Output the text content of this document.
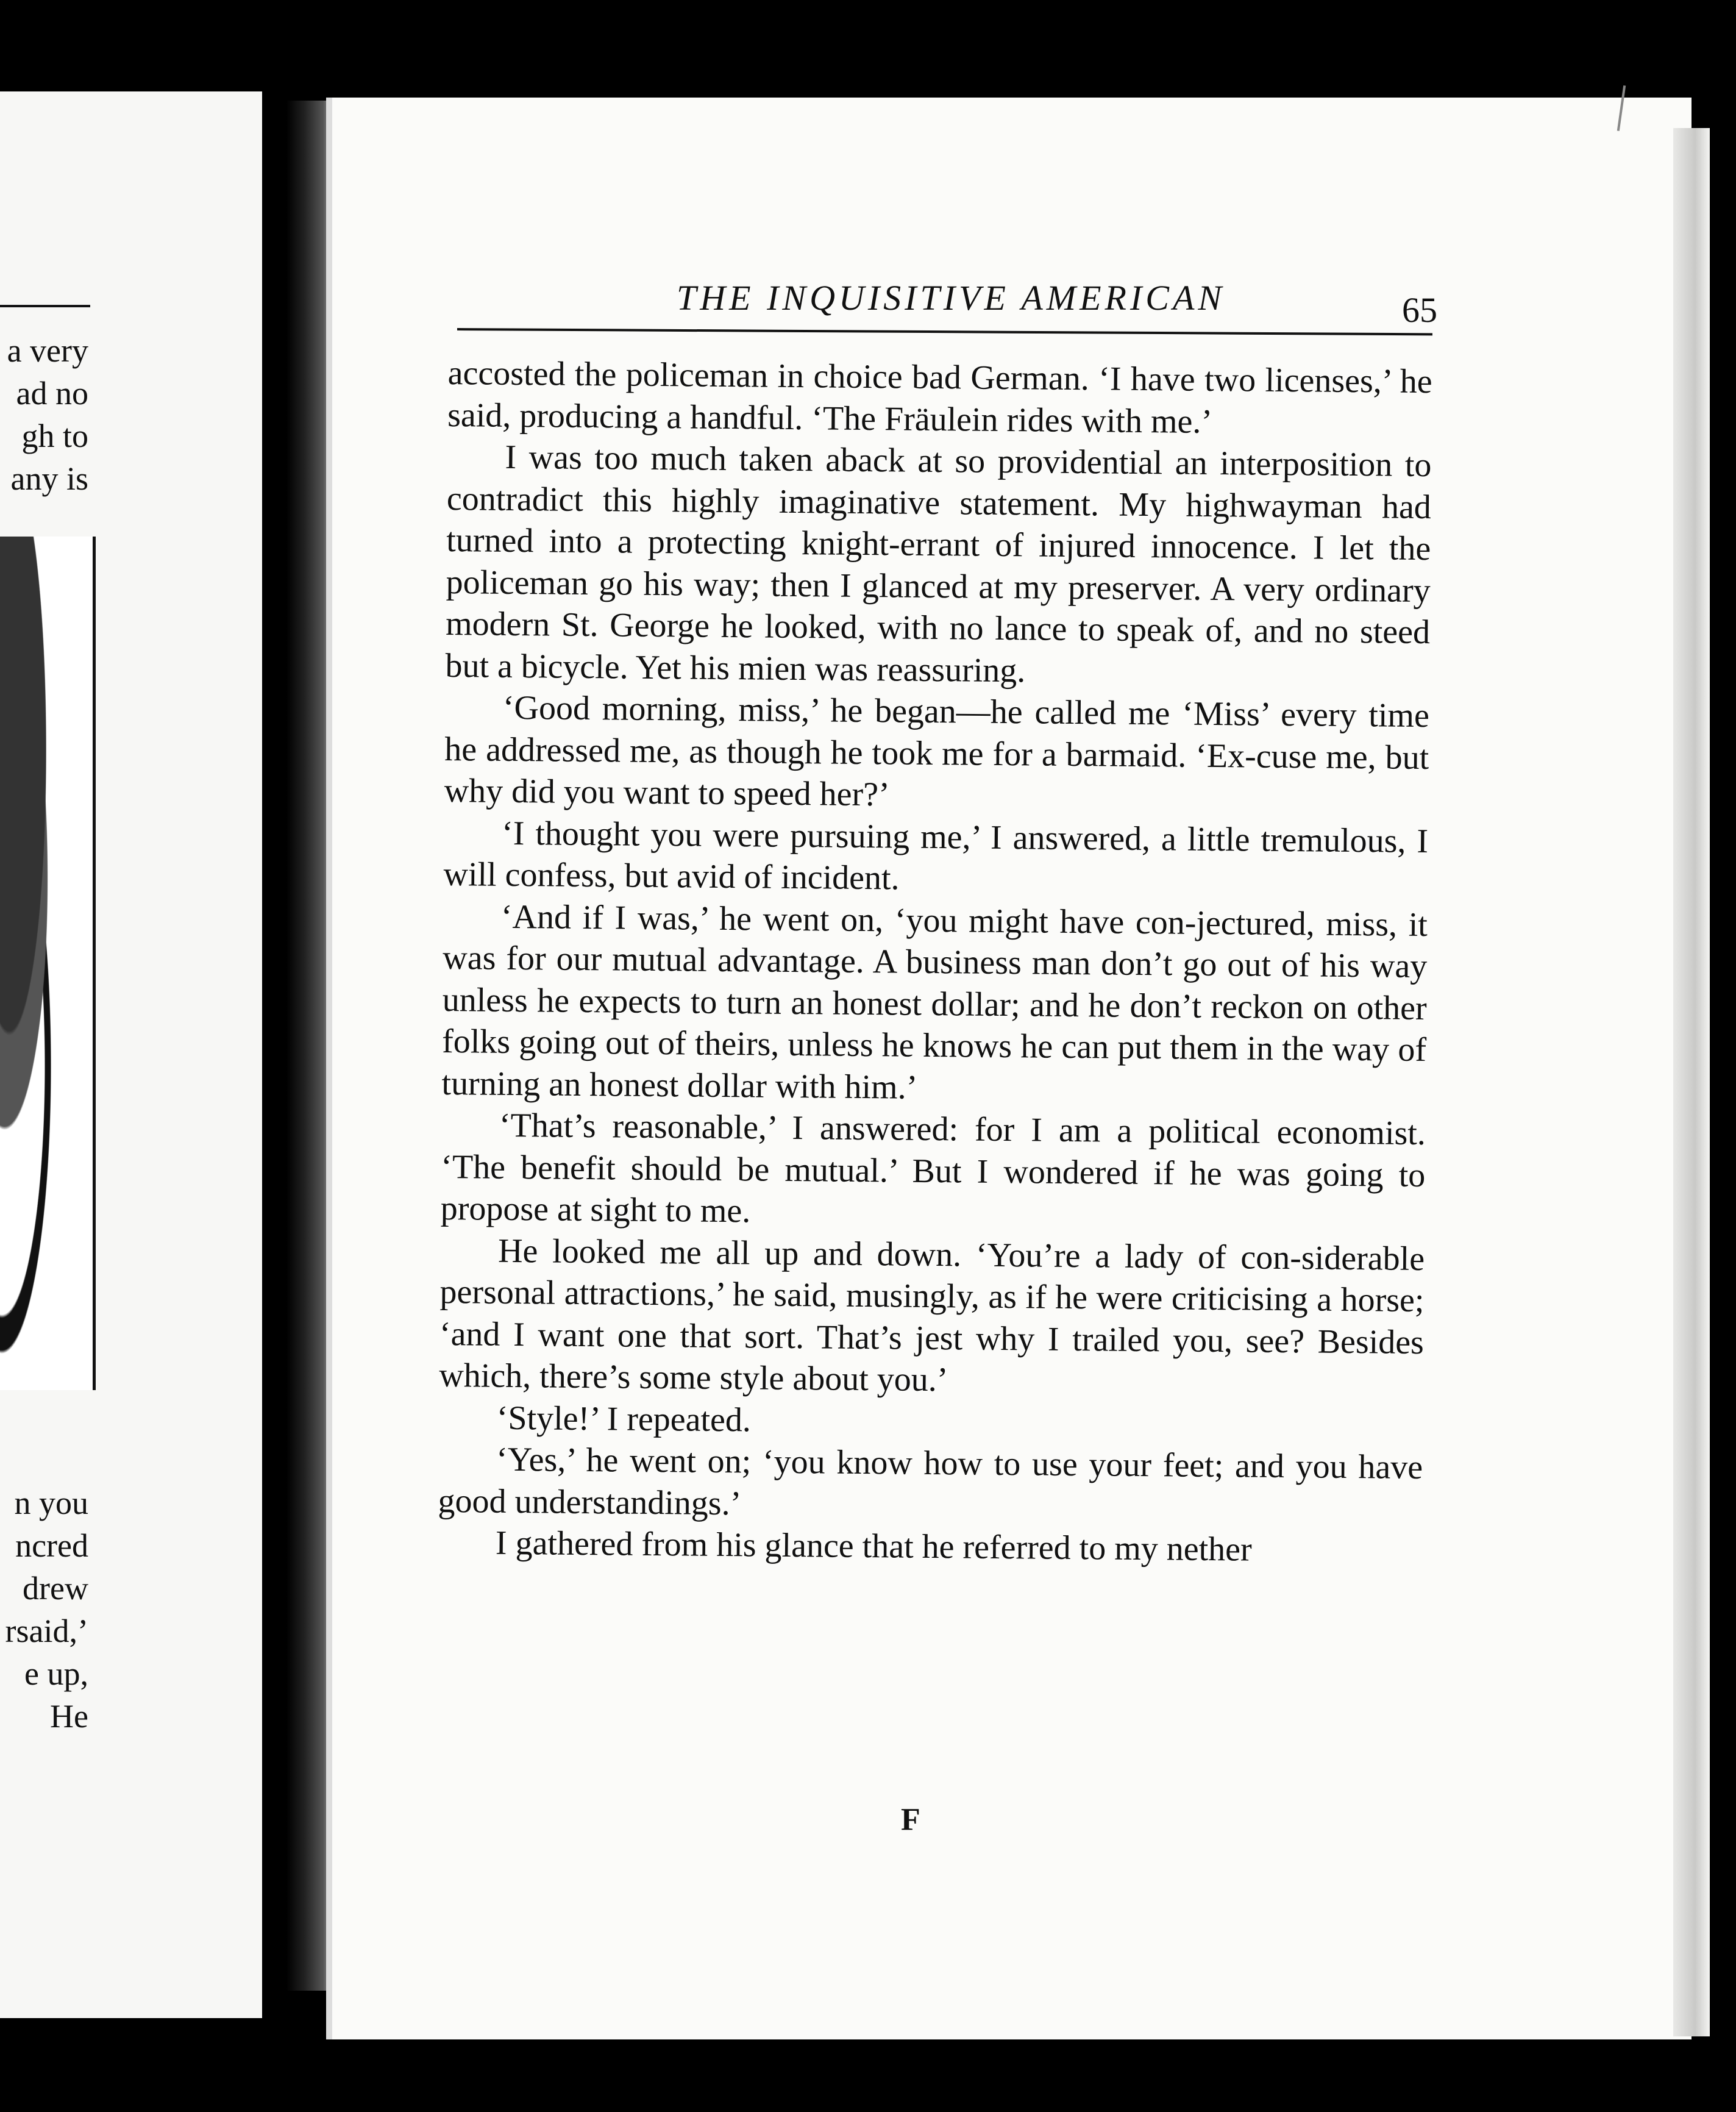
a very
ad no
gh to
any is
n you
ncred
drew
rsaid,’
e up,
He
THE INQUISITIVE AMERICAN	65

accosted the policeman in choice bad German. ‘I have two licenses,’ he said, producing a handful. ‘The Fräulein rides with me.’

I was too much taken aback at so providential an interposition to contradict this highly imaginative statement. My highwayman had turned into a protecting knight-errant of injured innocence. I let the policeman go his way; then I glanced at my preserver. A very ordinary modern St. George he looked, with no lance to speak of, and no steed but a bicycle. Yet his mien was reassuring.

‘Good morning, miss,’ he began—he called me ‘Miss’ every time he addressed me, as though he took me for a barmaid. ‘Ex-cuse me, but why did you want to speed her?’

‘I thought you were pursuing me,’ I answered, a little tremulous, I will confess, but avid of incident.

‘And if I was,’ he went on, ‘you might have con-jectured, miss, it was for our mutual advantage. A business man don’t go out of his way unless he expects to turn an honest dollar; and he don’t reckon on other folks going out of theirs, unless he knows he can put them in the way of turning an honest dollar with him.’

‘That’s reasonable,’ I answered: for I am a political economist. ‘The benefit should be mutual.’ But I wondered if he was going to propose at sight to me.

He looked me all up and down. ‘You’re a lady of con-siderable personal attractions,’ he said, musingly, as if he were criticising a horse; ‘and I want one that sort. That’s jest why I trailed you, see? Besides which, there’s some style about you.’

‘Style!’ I repeated.

‘Yes,’ he went on; ‘you know how to use your feet; and you have good understandings.’

I gathered from his glance that he referred to my nether

F
